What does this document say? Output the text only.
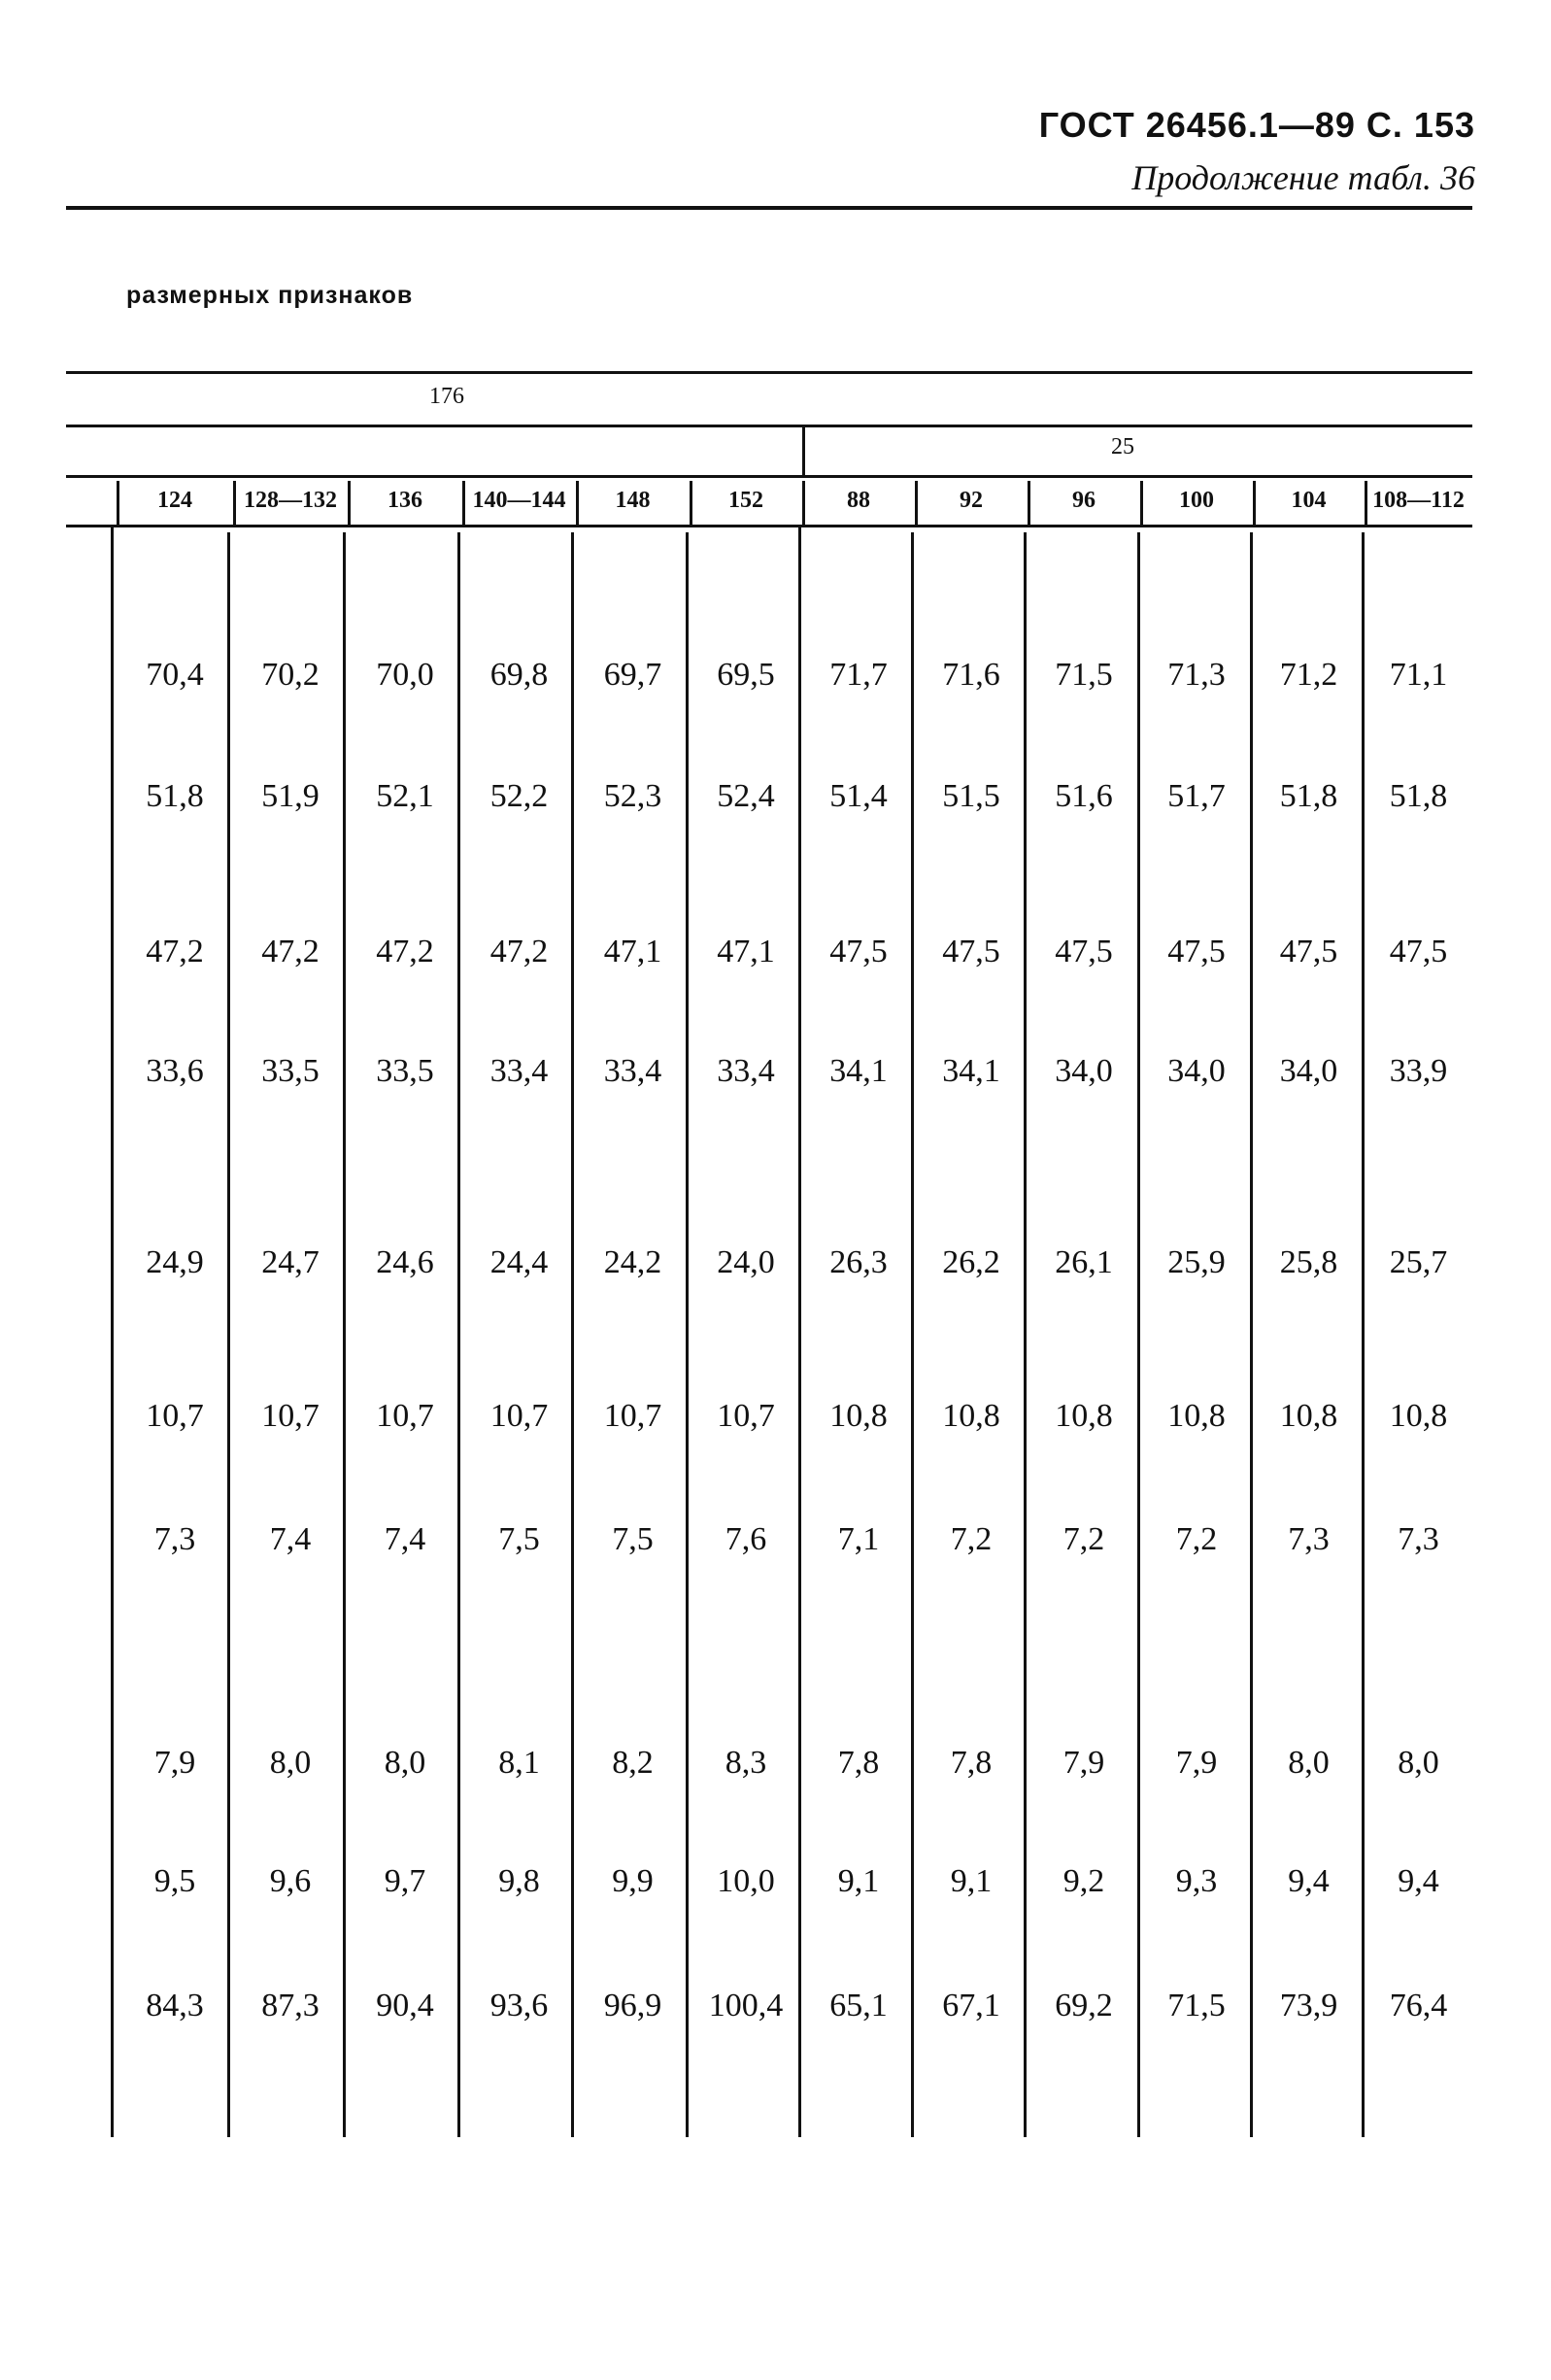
ГОСТ 26456.1—89 С. 153
Продолжение табл. 36
размерных признаков
176
25
124	128—132	136	140—144	148	152	88	92	96	100	104	108—112
70,4	70,2	70,0	69,8	69,7	69,5	71,7	71,6	71,5	71,3	71,2	71,1
51,8	51,9	52,1	52,2	52,3	52,4	51,4	51,5	51,6	51,7	51,8	51,8
47,2	47,2	47,2	47,2	47,1	47,1	47,5	47,5	47,5	47,5	47,5	47,5
33,6	33,5	33,5	33,4	33,4	33,4	34,1	34,1	34,0	34,0	34,0	33,9
24,9	24,7	24,6	24,4	24,2	24,0	26,3	26,2	26,1	25,9	25,8	25,7
10,7	10,7	10,7	10,7	10,7	10,7	10,8	10,8	10,8	10,8	10,8	10,8
7,3	7,4	7,4	7,5	7,5	7,6	7,1	7,2	7,2	7,2	7,3	7,3
7,9	8,0	8,0	8,1	8,2	8,3	7,8	7,8	7,9	7,9	8,0	8,0
9,5	9,6	9,7	9,8	9,9	10,0	9,1	9,1	9,2	9,3	9,4	9,4
84,3	87,3	90,4	93,6	96,9	100,4	65,1	67,1	69,2	71,5	73,9	76,4
